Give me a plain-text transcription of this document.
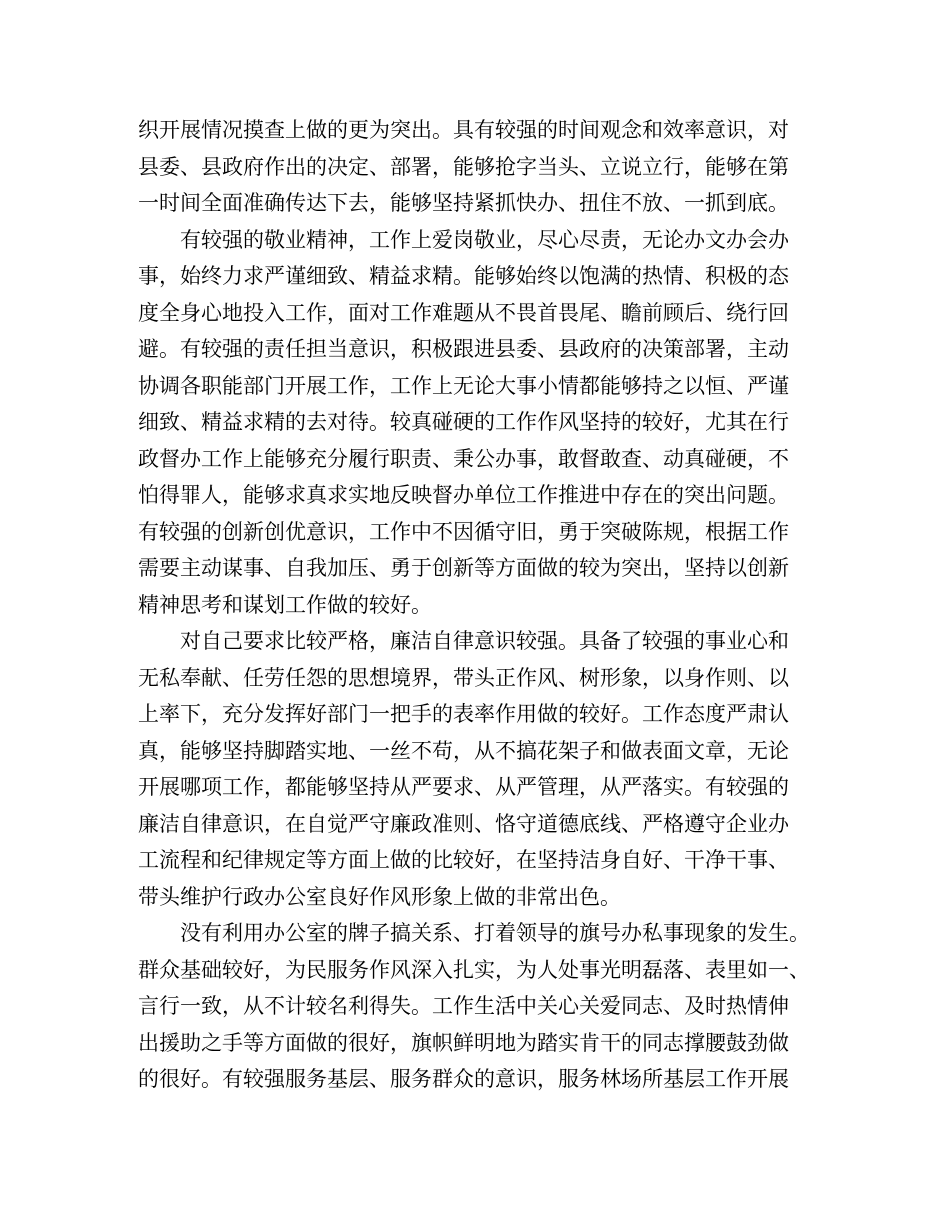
织开展情况摸查上做的更为突出。具有较强的时间观念和效率意识，对
县委、县政府作出的决定、部署，能够抢字当头、立说立行，能够在第
一时间全面准确传达下去，能够坚持紧抓快办、扭住不放、一抓到底。
有较强的敬业精神，工作上爱岗敬业，尽心尽责，无论办文办会办
事，始终力求严谨细致、精益求精。能够始终以饱满的热情、积极的态
度全身心地投入工作，面对工作难题从不畏首畏尾、瞻前顾后、绕行回
避。有较强的责任担当意识，积极跟进县委、县政府的决策部署，主动
协调各职能部门开展工作，工作上无论大事小情都能够持之以恒、严谨
细致、精益求精的去对待。较真碰硬的工作作风坚持的较好，尤其在行
政督办工作上能够充分履行职责、秉公办事，敢督敢查、动真碰硬，不
怕得罪人，能够求真求实地反映督办单位工作推进中存在的突出问题。
有较强的创新创优意识，工作中不因循守旧，勇于突破陈规，根据工作
需要主动谋事、自我加压、勇于创新等方面做的较为突出，坚持以创新
精神思考和谋划工作做的较好。
对自己要求比较严格，廉洁自律意识较强。具备了较强的事业心和
无私奉献、任劳任怨的思想境界，带头正作风、树形象，以身作则、以
上率下，充分发挥好部门一把手的表率作用做的较好。工作态度严肃认
真，能够坚持脚踏实地、一丝不苟，从不搞花架子和做表面文章，无论
开展哪项工作，都能够坚持从严要求、从严管理，从严落实。有较强的
廉洁自律意识，在自觉严守廉政准则、恪守道德底线、严格遵守企业办
工流程和纪律规定等方面上做的比较好，在坚持洁身自好、干净干事、
带头维护行政办公室良好作风形象上做的非常出色。
没有利用办公室的牌子搞关系、打着领导的旗号办私事现象的发生。
群众基础较好，为民服务作风深入扎实，为人处事光明磊落、表里如一、
言行一致，从不计较名利得失。工作生活中关心关爱同志、及时热情伸
出援助之手等方面做的很好，旗帜鲜明地为踏实肯干的同志撑腰鼓劲做
的很好。有较强服务基层、服务群众的意识，服务林场所基层工作开展
